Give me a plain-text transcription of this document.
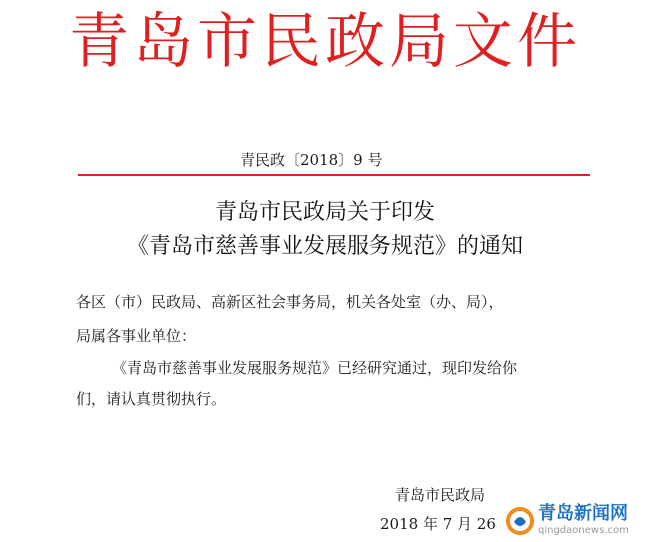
青岛市民政局文件
青民政〔2018〕9 号
青岛市民政局关于印发
《青岛市慈善事业发展服务规范》的通知
各区（市）民政局、高新区社会事务局，机关各处室（办、局），
局属各事业单位：
《青岛市慈善事业发展服务规范》已经研究通过，现印发给你
们，请认真贯彻执行。
青岛市民政局
2018 年 7 月 26 青岛新闻网
qingdaonews.com
